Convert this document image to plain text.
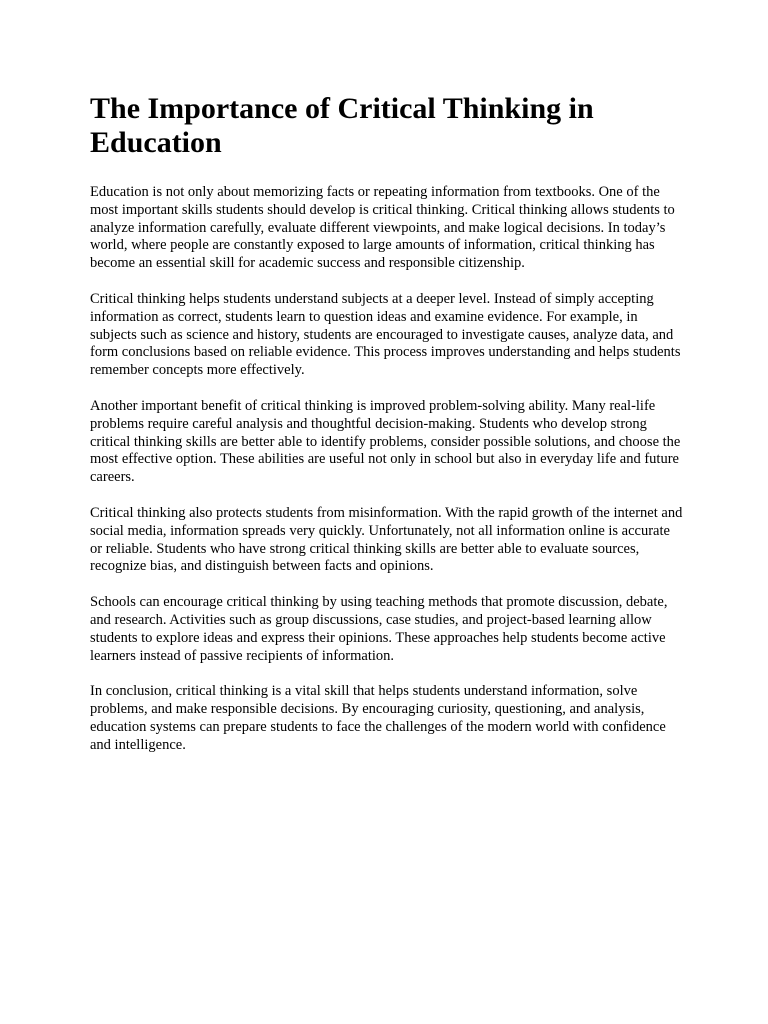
The Importance of Critical Thinking in Education

Education is not only about memorizing facts or repeating information from textbooks. One of the most important skills students should develop is critical thinking. Critical thinking allows students to analyze information carefully, evaluate different viewpoints, and make logical decisions. In today’s world, where people are constantly exposed to large amounts of information, critical thinking has become an essential skill for academic success and responsible citizenship.

Critical thinking helps students understand subjects at a deeper level. Instead of simply accepting information as correct, students learn to question ideas and examine evidence. For example, in subjects such as science and history, students are encouraged to investigate causes, analyze data, and form conclusions based on reliable evidence. This process improves understanding and helps students remember concepts more effectively.

Another important benefit of critical thinking is improved problem-solving ability. Many real-life problems require careful analysis and thoughtful decision-making. Students who develop strong critical thinking skills are better able to identify problems, consider possible solutions, and choose the most effective option. These abilities are useful not only in school but also in everyday life and future careers.

Critical thinking also protects students from misinformation. With the rapid growth of the internet and social media, information spreads very quickly. Unfortunately, not all information online is accurate or reliable. Students who have strong critical thinking skills are better able to evaluate sources, recognize bias, and distinguish between facts and opinions.

Schools can encourage critical thinking by using teaching methods that promote discussion, debate, and research. Activities such as group discussions, case studies, and project-based learning allow students to explore ideas and express their opinions. These approaches help students become active learners instead of passive recipients of information.

In conclusion, critical thinking is a vital skill that helps students understand information, solve problems, and make responsible decisions. By encouraging curiosity, questioning, and analysis, education systems can prepare students to face the challenges of the modern world with confidence and intelligence.
